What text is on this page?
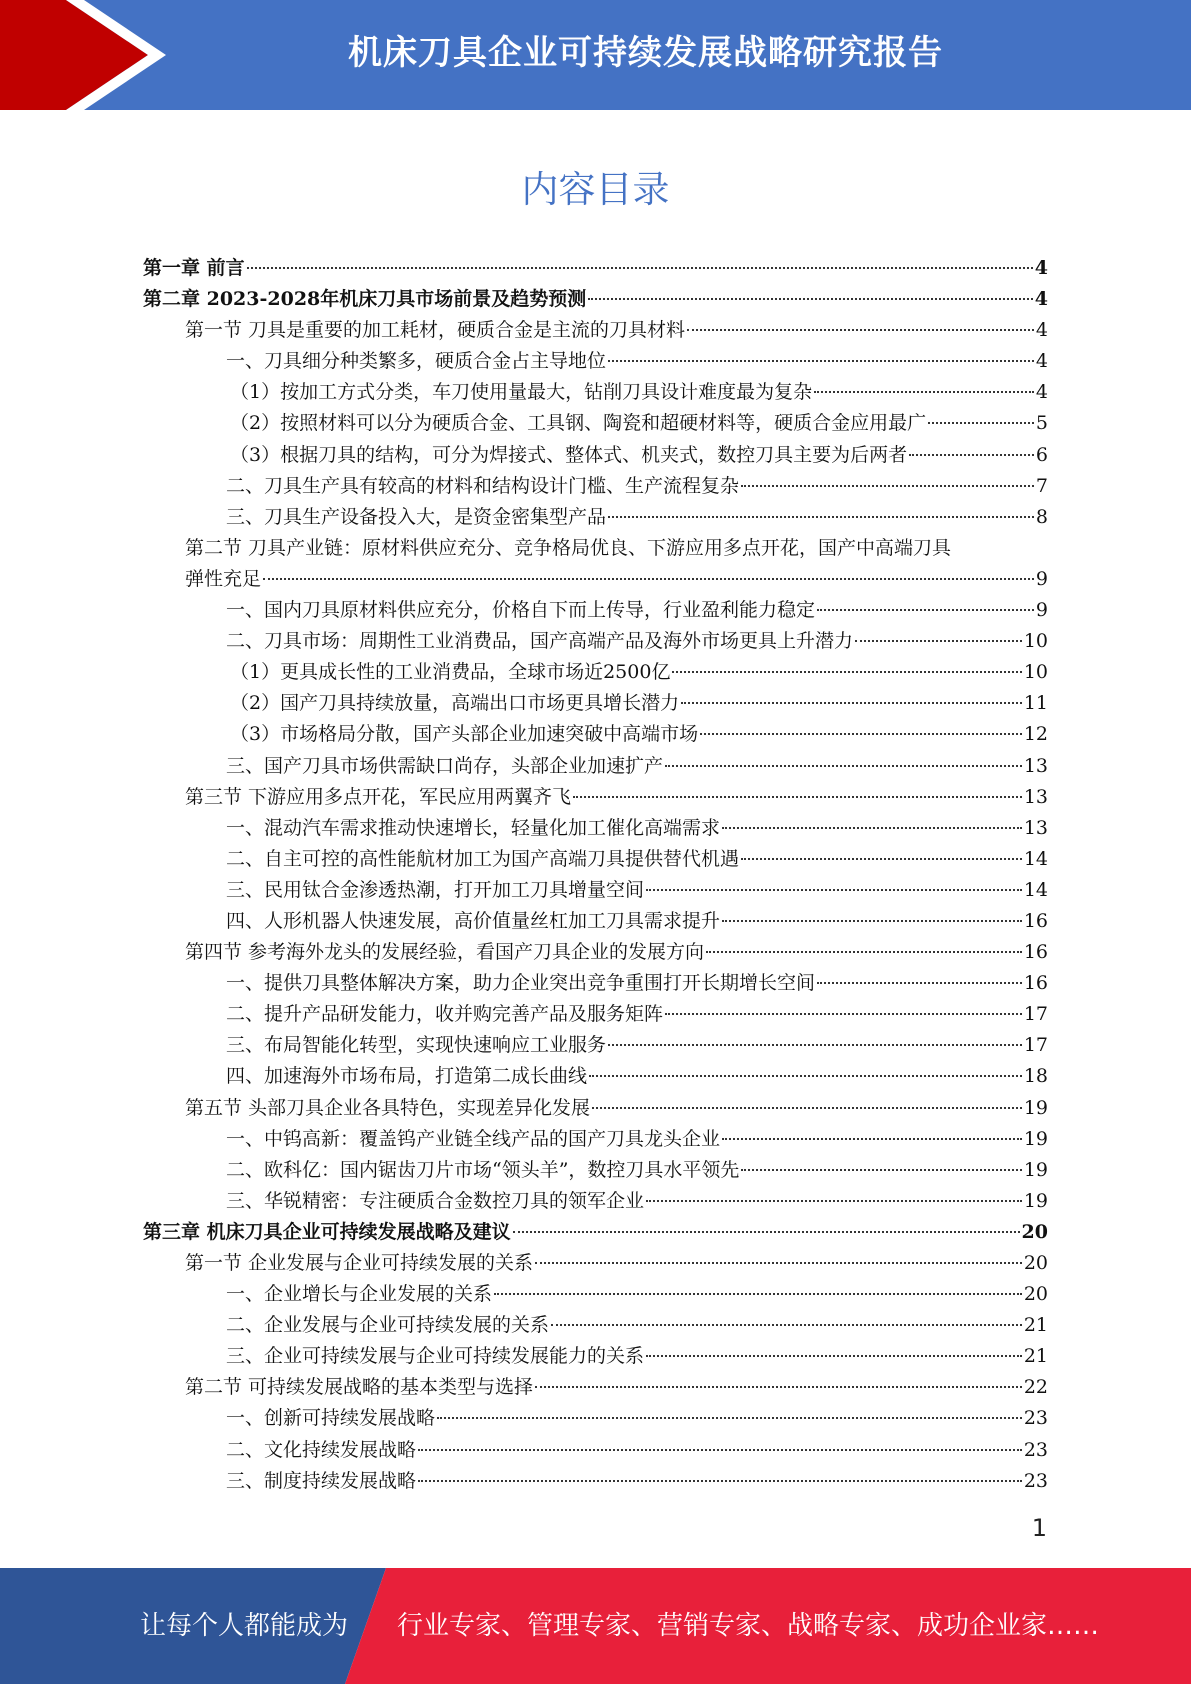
机床刀具企业可持续发展战略研究报告
内容目录
第一章 前言	4
第二章 2023-2028年机床刀具市场前景及趋势预测	4
第一节 刀具是重要的加工耗材，硬质合金是主流的刀具材料	4
一、刀具细分种类繁多，硬质合金占主导地位	4
（1）按加工方式分类，车刀使用量最大，钻削刀具设计难度最为复杂	4
（2）按照材料可以分为硬质合金、工具钢、陶瓷和超硬材料等，硬质合金应用最广	5
（3）根据刀具的结构，可分为焊接式、整体式、机夹式，数控刀具主要为后两者	6
二、刀具生产具有较高的材料和结构设计门槛、生产流程复杂	7
三、刀具生产设备投入大，是资金密集型产品	8
第二节 刀具产业链：原材料供应充分、竞争格局优良、下游应用多点开花，国产中高端刀具
弹性充足	9
一、国内刀具原材料供应充分，价格自下而上传导，行业盈利能力稳定	9
二、刀具市场：周期性工业消费品，国产高端产品及海外市场更具上升潜力	10
（1）更具成长性的工业消费品，全球市场近2500亿	10
（2）国产刀具持续放量，高端出口市场更具增长潜力	11
（3）市场格局分散，国产头部企业加速突破中高端市场	12
三、国产刀具市场供需缺口尚存，头部企业加速扩产	13
第三节 下游应用多点开花，军民应用两翼齐飞	13
一、混动汽车需求推动快速增长，轻量化加工催化高端需求	13
二、自主可控的高性能航材加工为国产高端刀具提供替代机遇	14
三、民用钛合金渗透热潮，打开加工刀具增量空间	14
四、人形机器人快速发展，高价值量丝杠加工刀具需求提升	16
第四节 参考海外龙头的发展经验，看国产刀具企业的发展方向	16
一、提供刀具整体解决方案，助力企业突出竞争重围打开长期增长空间	16
二、提升产品研发能力，收并购完善产品及服务矩阵	17
三、布局智能化转型，实现快速响应工业服务	17
四、加速海外市场布局，打造第二成长曲线	18
第五节 头部刀具企业各具特色，实现差异化发展	19
一、中钨高新：覆盖钨产业链全线产品的国产刀具龙头企业	19
二、欧科亿：国内锯齿刀片市场“领头羊”，数控刀具水平领先	19
三、华锐精密：专注硬质合金数控刀具的领军企业	19
第三章 机床刀具企业可持续发展战略及建议	20
第一节 企业发展与企业可持续发展的关系	20
一、企业增长与企业发展的关系	20
二、企业发展与企业可持续发展的关系	21
三、企业可持续发展与企业可持续发展能力的关系	21
第二节 可持续发展战略的基本类型与选择	22
一、创新可持续发展战略	23
二、文化持续发展战略	23
三、制度持续发展战略	23
1
让每个人都能成为 行业专家、管理专家、营销专家、战略专家、成功企业家……
